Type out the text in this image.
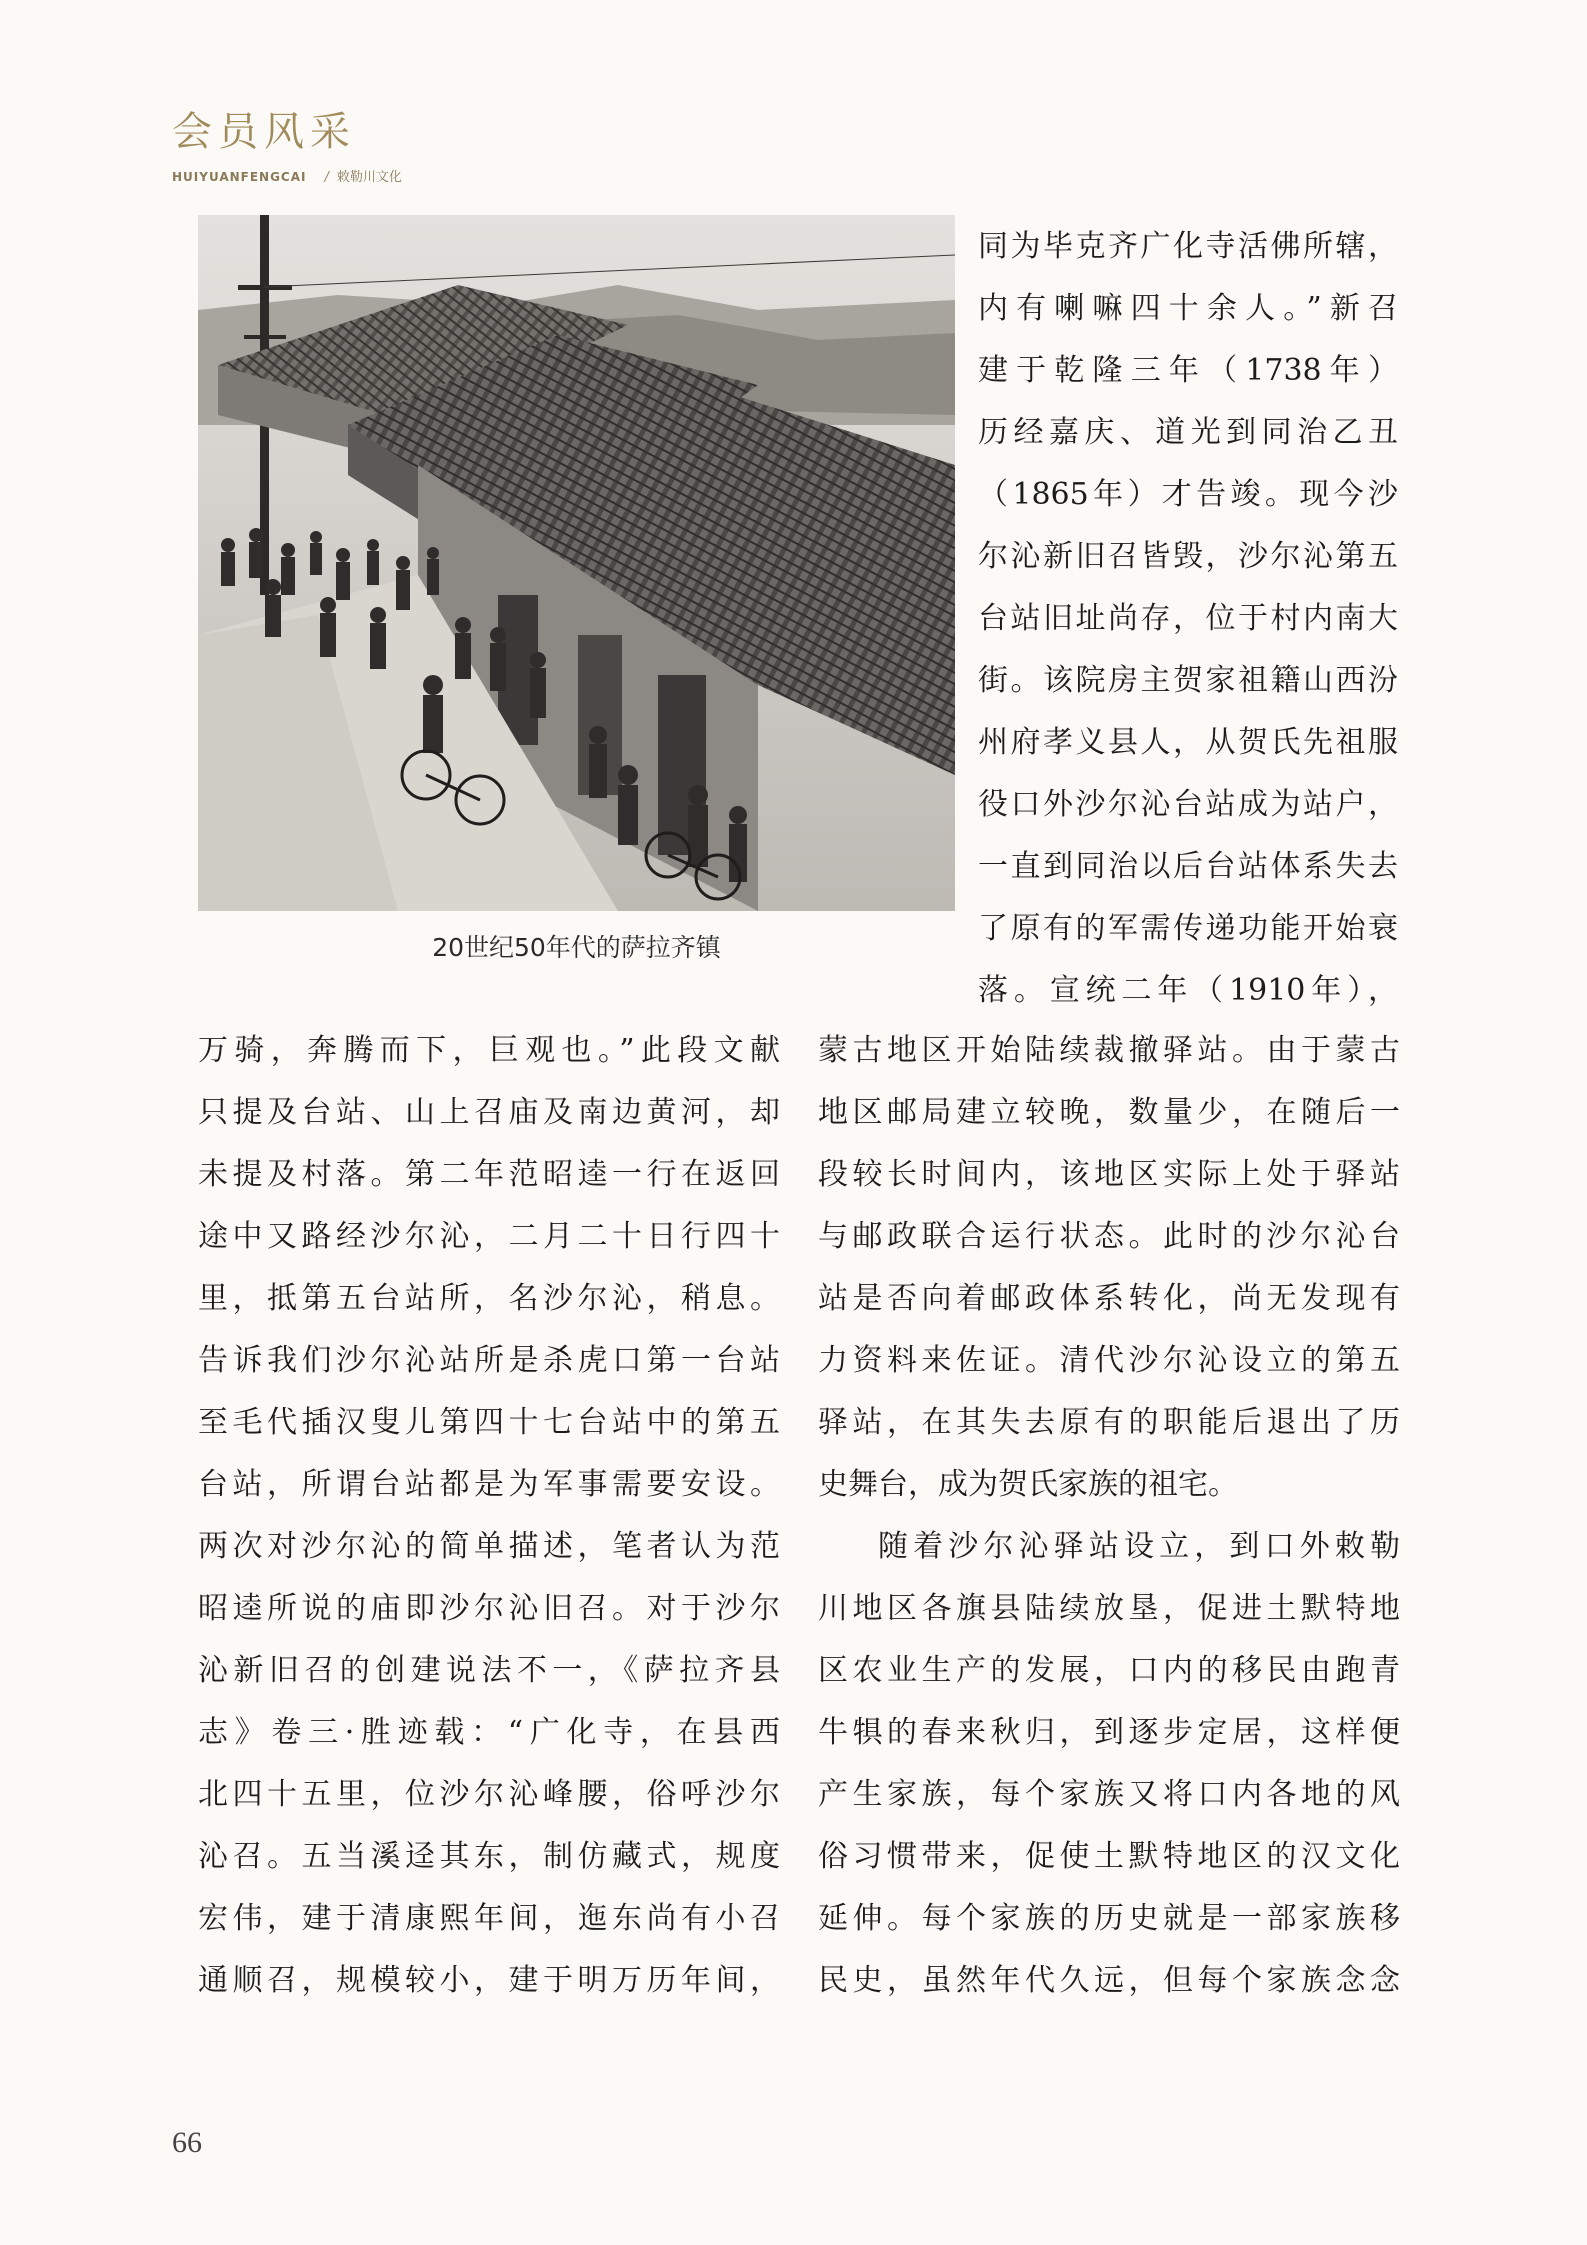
会员风采
HUIYUANFENGCAI / 敕勒川文化
20世纪50年代的萨拉齐镇
同为毕克齐广化寺活佛所辖，
内有喇嘛四十余人。”新召
建于乾隆三年（1738年）
历经嘉庆、道光到同治乙丑
（1865年）才告竣。现今沙
尔沁新旧召皆毁，沙尔沁第五
台站旧址尚存，位于村内南大
街。该院房主贺家祖籍山西汾
州府孝义县人，从贺氏先祖服
役口外沙尔沁台站成为站户，
一直到同治以后台站体系失去
了原有的军需传递功能开始衰
落。宣统二年（1910年），
万骑，奔腾而下，巨观也。”此段文献
只提及台站、山上召庙及南边黄河，却
未提及村落。第二年范昭逵一行在返回
途中又路经沙尔沁，二月二十日行四十
里，抵第五台站所，名沙尔沁，稍息。
告诉我们沙尔沁站所是杀虎口第一台站
至毛代插汉叟儿第四十七台站中的第五
台站，所谓台站都是为军事需要安设。
两次对沙尔沁的简单描述，笔者认为范
昭逵所说的庙即沙尔沁旧召。对于沙尔
沁新旧召的创建说法不一，《萨拉齐县
志》卷三·胜迹载：“广化寺，在县西
北四十五里，位沙尔沁峰腰，俗呼沙尔
沁召。五当溪迳其东，制仿藏式，规度
宏伟，建于清康熙年间，迤东尚有小召
通顺召，规模较小，建于明万历年间，
蒙古地区开始陆续裁撤驿站。由于蒙古
地区邮局建立较晚，数量少，在随后一
段较长时间内，该地区实际上处于驿站
与邮政联合运行状态。此时的沙尔沁台
站是否向着邮政体系转化，尚无发现有
力资料来佐证。清代沙尔沁设立的第五
驿站，在其失去原有的职能后退出了历
史舞台，成为贺氏家族的祖宅。
随着沙尔沁驿站设立，到口外敕勒
川地区各旗县陆续放垦，促进土默特地
区农业生产的发展，口内的移民由跑青
牛犋的春来秋归，到逐步定居，这样便
产生家族，每个家族又将口内各地的风
俗习惯带来，促使土默特地区的汉文化
延伸。每个家族的历史就是一部家族移
民史，虽然年代久远，但每个家族念念
66
